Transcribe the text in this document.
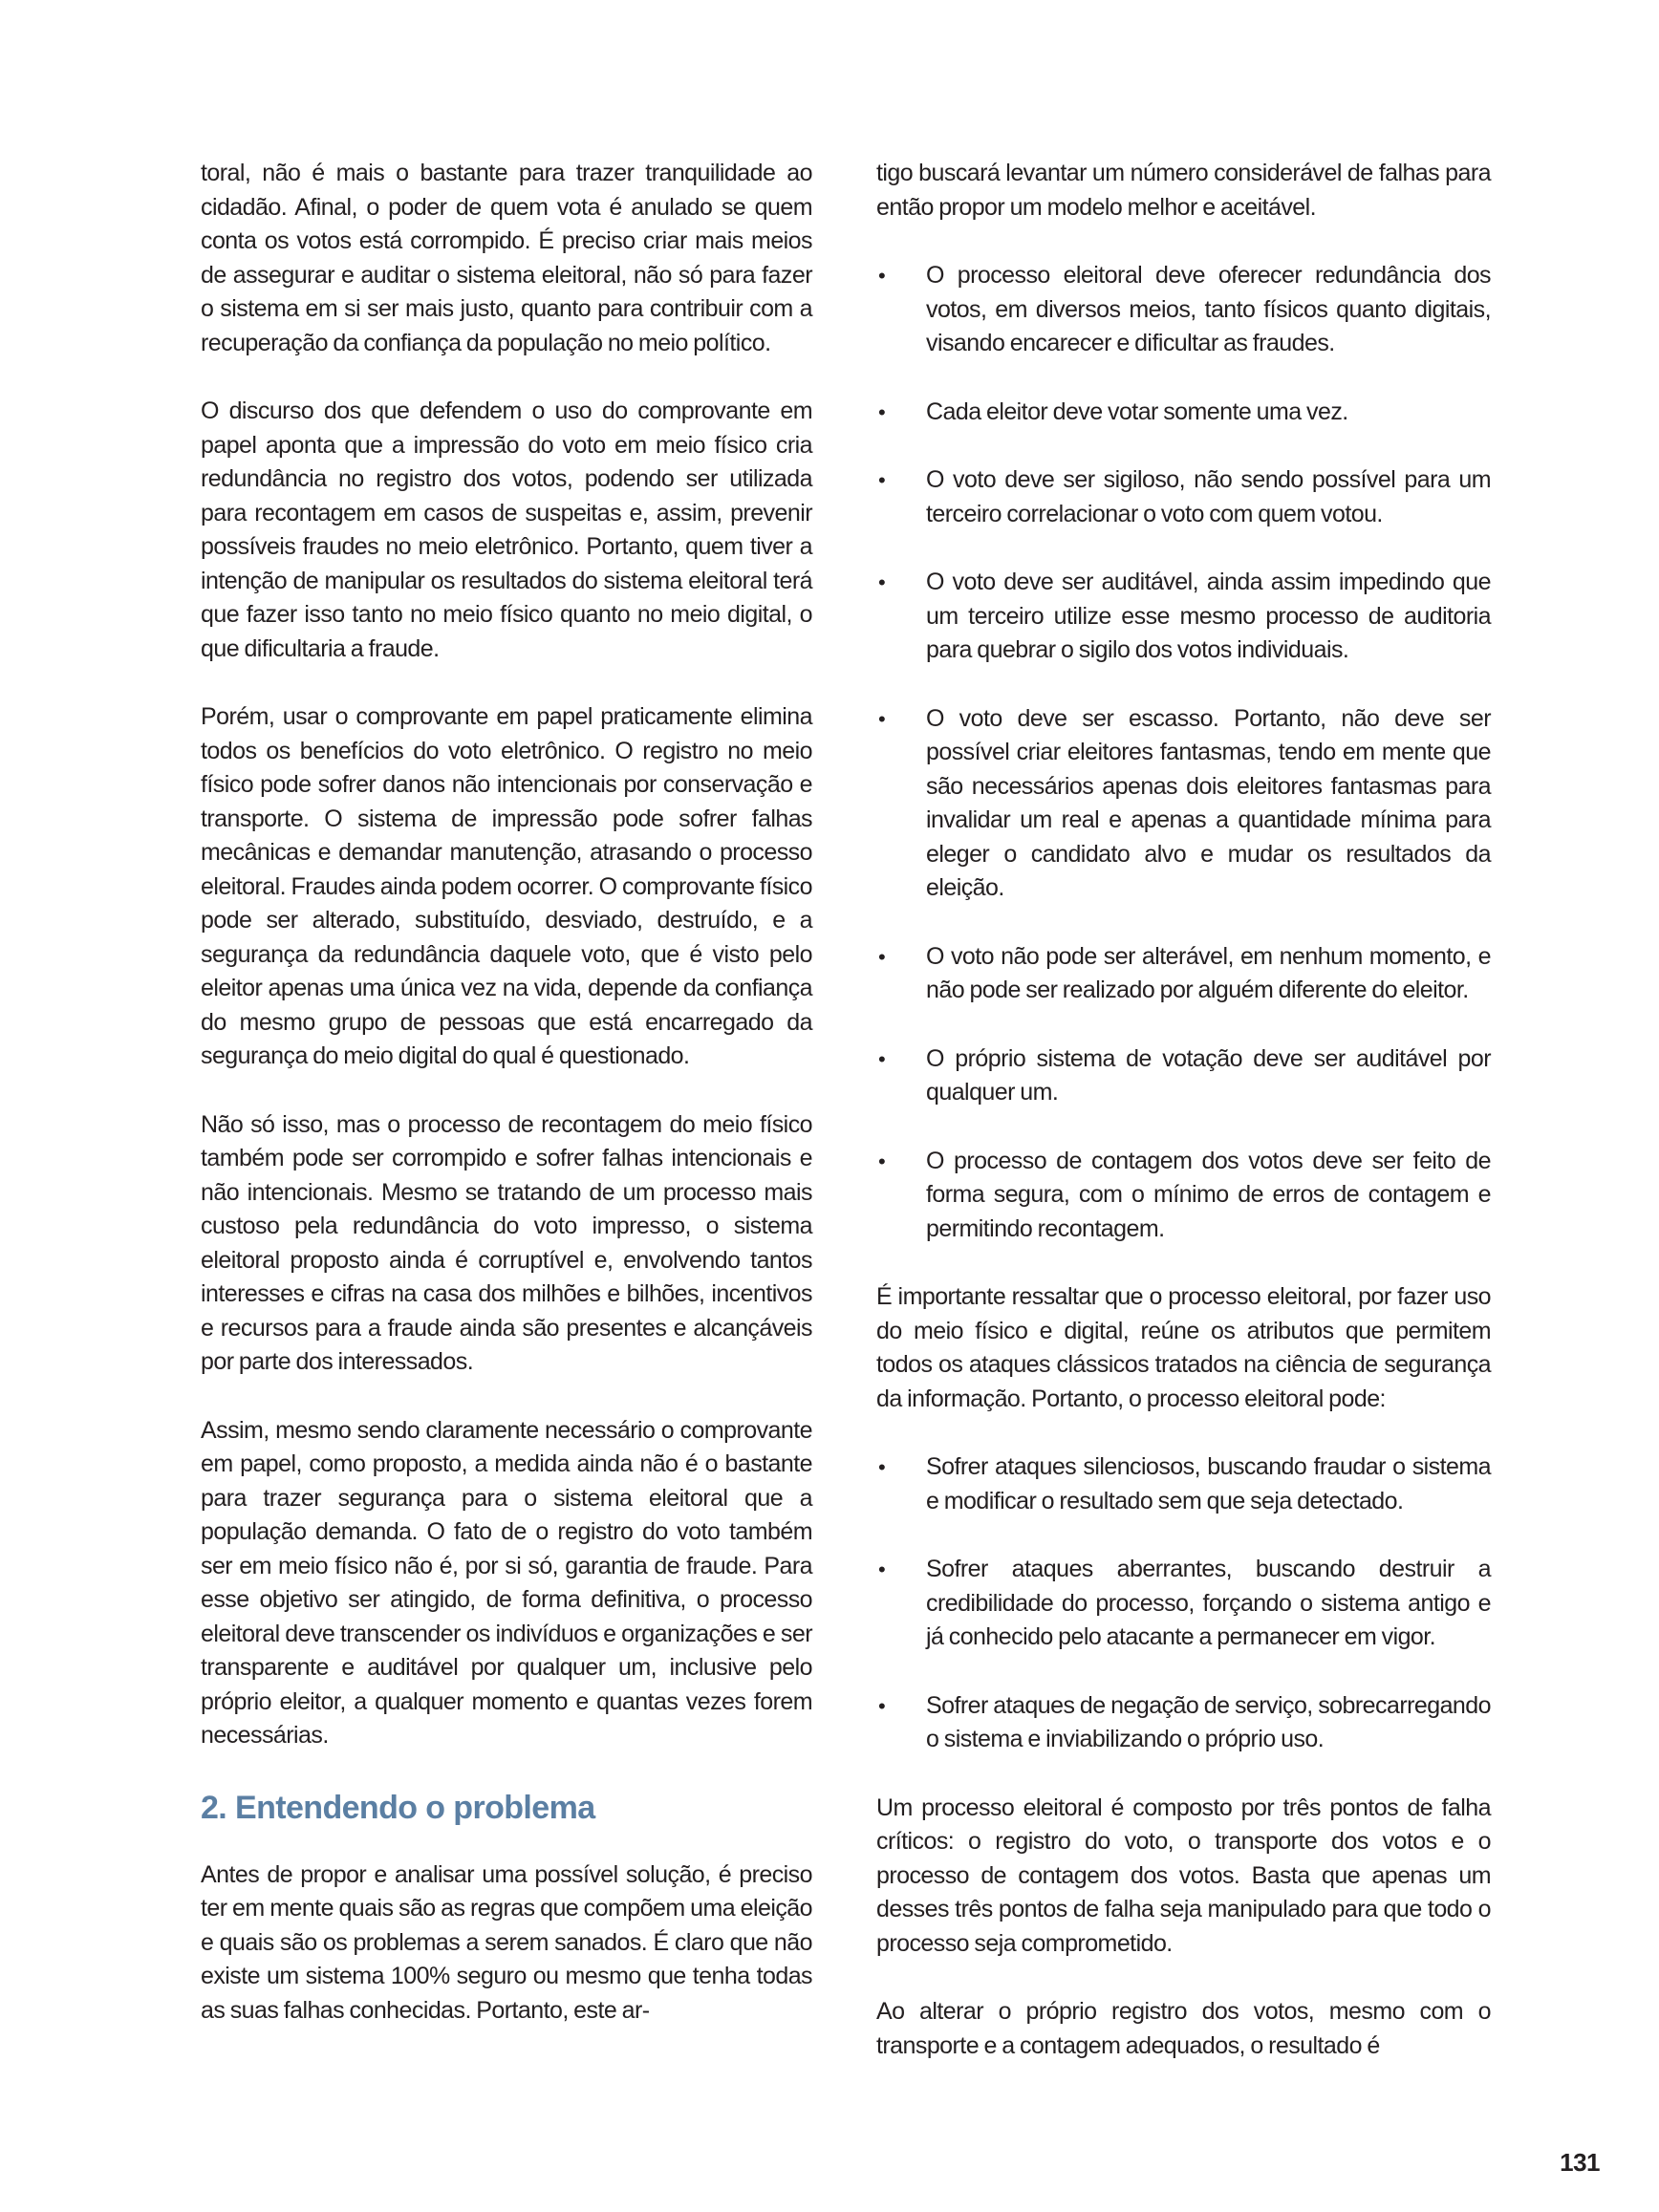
toral, não é mais o bastante para trazer tranquilidade ao cidadão. Afinal, o poder de quem vota é anulado se quem conta os votos está corrompido. É preciso criar mais meios de assegurar e auditar o sistema eleitoral, não só para fazer o sistema em si ser mais justo, quanto para contribuir com a recuperação da confiança da população no meio político.

O discurso dos que defendem o uso do comprovante em papel aponta que a impressão do voto em meio físico cria redundância no registro dos votos, podendo ser utilizada para recontagem em casos de suspeitas e, assim, prevenir possíveis fraudes no meio eletrônico. Portanto, quem tiver a intenção de manipular os resultados do sistema eleitoral terá que fazer isso tanto no meio físico quanto no meio digital, o que dificultaria a fraude.

Porém, usar o comprovante em papel praticamente elimina todos os benefícios do voto eletrônico. O registro no meio físico pode sofrer danos não intencionais por conservação e transporte. O sistema de impressão pode sofrer falhas mecânicas e demandar manutenção, atrasando o processo eleitoral. Fraudes ainda podem ocorrer. O comprovante físico pode ser alterado, substituído, desviado, destruído, e a segurança da redundância daquele voto, que é visto pelo eleitor apenas uma única vez na vida, depende da confiança do mesmo grupo de pessoas que está encarregado da segurança do meio digital do qual é questionado.

Não só isso, mas o processo de recontagem do meio físico também pode ser corrompido e sofrer falhas intencionais e não intencionais. Mesmo se tratando de um processo mais custoso pela redundância do voto impresso, o sistema eleitoral proposto ainda é corruptível e, envolvendo tantos interesses e cifras na casa dos milhões e bilhões, incentivos e recursos para a fraude ainda são presentes e alcançáveis por parte dos interessados.

Assim, mesmo sendo claramente necessário o comprovante em papel, como proposto, a medida ainda não é o bastante para trazer segurança para o sistema eleitoral que a população demanda. O fato de o registro do voto também ser em meio físico não é, por si só, garantia de fraude. Para esse objetivo ser atingido, de forma definitiva, o processo eleitoral deve transcender os indivíduos e organizações e ser transparente e auditável por qualquer um, inclusive pelo próprio eleitor, a qualquer momento e quantas vezes forem necessárias.

2. Entendendo o problema

Antes de propor e analisar uma possível solução, é preciso ter em mente quais são as regras que compõem uma eleição e quais são os problemas a serem sanados. É claro que não existe um sistema 100% seguro ou mesmo que tenha todas as suas falhas conhecidas. Portanto, este ar-

tigo buscará levantar um número considerável de falhas para então propor um modelo melhor e aceitável.

• O processo eleitoral deve oferecer redundância dos votos, em diversos meios, tanto físicos quanto digitais, visando encarecer e dificultar as fraudes.
• Cada eleitor deve votar somente uma vez.
• O voto deve ser sigiloso, não sendo possível para um terceiro correlacionar o voto com quem votou.
• O voto deve ser auditável, ainda assim impedindo que um terceiro utilize esse mesmo processo de auditoria para quebrar o sigilo dos votos individuais.
• O voto deve ser escasso. Portanto, não deve ser possível criar eleitores fantasmas, tendo em mente que são necessários apenas dois eleitores fantasmas para invalidar um real e apenas a quantidade mínima para eleger o candidato alvo e mudar os resultados da eleição.
• O voto não pode ser alterável, em nenhum momento, e não pode ser realizado por alguém diferente do eleitor.
• O próprio sistema de votação deve ser auditável por qualquer um.
• O processo de contagem dos votos deve ser feito de forma segura, com o mínimo de erros de contagem e permitindo recontagem.

É importante ressaltar que o processo eleitoral, por fazer uso do meio físico e digital, reúne os atributos que permitem todos os ataques clássicos tratados na ciência de segurança da informação. Portanto, o processo eleitoral pode:

• Sofrer ataques silenciosos, buscando fraudar o sistema e modificar o resultado sem que seja detectado.
• Sofrer ataques aberrantes, buscando destruir a credibilidade do processo, forçando o sistema antigo e já conhecido pelo atacante a permanecer em vigor.
• Sofrer ataques de negação de serviço, sobrecarregando o sistema e inviabilizando o próprio uso.

Um processo eleitoral é composto por três pontos de falha críticos: o registro do voto, o transporte dos votos e o processo de contagem dos votos. Basta que apenas um desses três pontos de falha seja manipulado para que todo o processo seja comprometido.

Ao alterar o próprio registro dos votos, mesmo com o transporte e a contagem adequados, o resultado é

131
